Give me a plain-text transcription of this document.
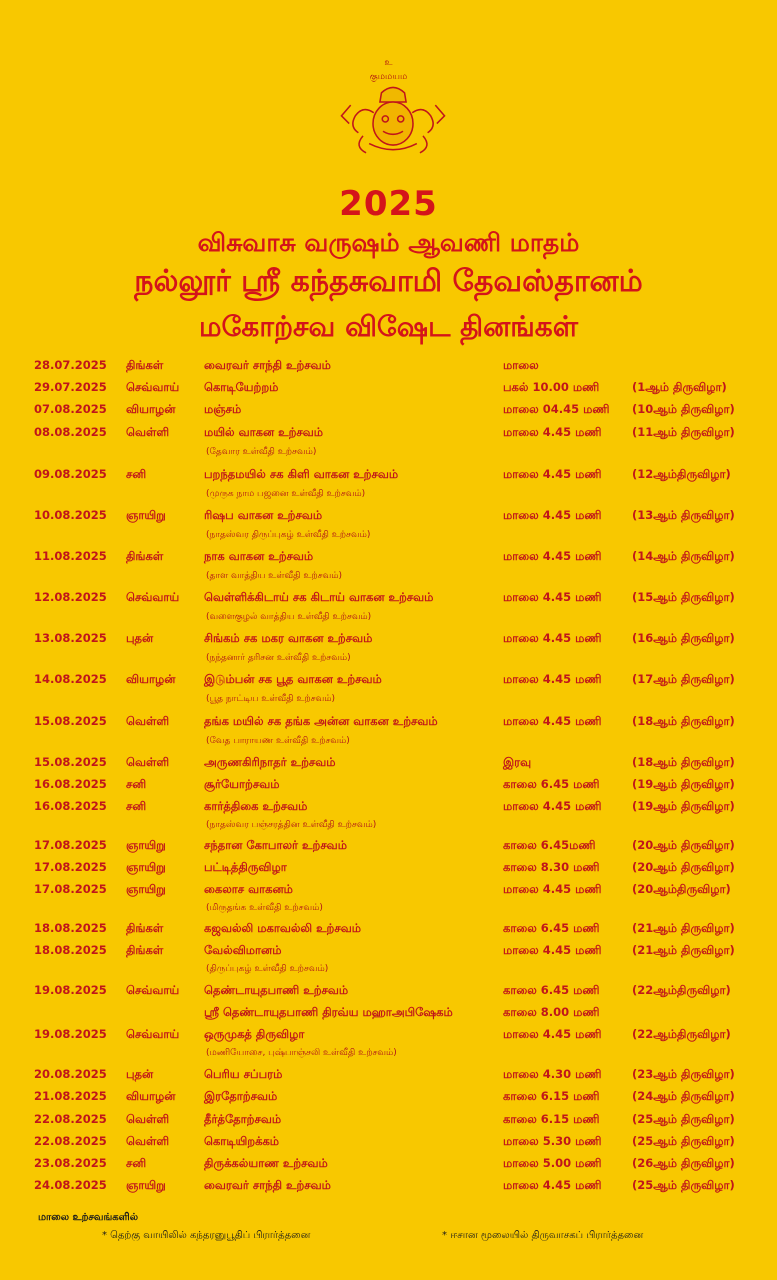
உ
குமமயம
2025
விசுவாசு வருஷம் ஆவணி மாதம்
நல்லூர் ஸ்ரீ கந்தசுவாமி தேவஸ்தானம்
மகோற்சவ விஷேட தினங்கள்
28.07.2025 திங்கள்	வைரவர் சாந்தி உற்சவம்	மாலை
29.07.2025 செவ்வாய் கொடியேற்றம்	பகல் 10.00 மணி	(1ஆம் திருவிழா)
07.08.2025 வியாழன் மஞ்சம்	மாலை 04.45 மணி (10ஆம் திருவிழா)
08.08.2025 வெள்ளி	மயில் வாகன உற்சவம்	மாலை 4.45 மணி	(11ஆம் திருவிழா)
(தேவார உள்வீதி உற்சவம்)
09.08.2025 சனி	பறந்தமயில் சக கிளி வாகன உற்சவம்	மாலை 4.45 மணி	(12ஆம்திருவிழா)
(முருக நாம பஜனை உள்வீதி உற்சவம்)
10.08.2025 ஞாயிறு	ரிஷப வாகன உற்சவம்	மாலை 4.45 மணி	(13ஆம் திருவிழா)
(நாதஸ்வர திருப்புகழ் உள்வீதி உற்சவம்)
11.08.2025 திங்கள்	நாக வாகன உற்சவம்	மாலை 4.45 மணி	(14ஆம் திருவிழா)
(தாள வாத்திய உள்வீதி உற்சவம்)
12.08.2025 செவ்வாய் வெள்ளிக்கிடாய் சக கிடாய் வாகன உற்சவம்	மாலை 4.45 மணி	(15ஆம் திருவிழா)
(வளைகுழல் வாத்திய உள்வீதி உற்சவம்)
13.08.2025 புதன்	சிங்கம் சக மகர வாகன உற்சவம்	மாலை 4.45 மணி	(16ஆம் திருவிழா)
(நந்தனார் தரிசன உள்வீதி உற்சவம்)
14.08.2025 வியாழன் இடும்பன் சக பூத வாகன உற்சவம்	மாலை 4.45 மணி	(17ஆம் திருவிழா)
(பூத நாட்டிய உள்வீதி உற்சவம்)
15.08.2025 வெள்ளி	தங்க மயில் சக தங்க அன்ன வாகன உற்சவம்	மாலை 4.45 மணி	(18ஆம் திருவிழா)
(வேத பாராயண உள்வீதி உற்சவம்)
15.08.2025 வெள்ளி	அருணகிரிநாதர் உற்சவம்	இரவு	(18ஆம் திருவிழா)
16.08.2025 சனி	சூர்யோற்சவம்	காலை 6.45 மணி	(19ஆம் திருவிழா)
16.08.2025 சனி	கார்த்திகை உற்சவம்	மாலை 4.45 மணி	(19ஆம் திருவிழா)
(நாதஸ்வர பஞ்சரத்தின உள்வீதி உற்சவம்)
17.08.2025 ஞாயிறு	சந்தான கோபாலர் உற்சவம்	காலை 6.45மணி	(20ஆம் திருவிழா)
17.08.2025 ஞாயிறு	பட்டித்திருவிழா	காலை 8.30 மணி	(20ஆம் திருவிழா)
17.08.2025 ஞாயிறு	கைலாச வாகனம்	மாலை 4.45 மணி	(20ஆம்திருவிழா)
(மிருதங்க உள்வீதி உற்சவம்)
18.08.2025 திங்கள்	கஜவல்லி மகாவல்லி உற்சவம்	காலை 6.45 மணி	(21ஆம் திருவிழா)
18.08.2025 திங்கள்	வேல்விமானம்	மாலை 4.45 மணி	(21ஆம் திருவிழா)
(திருப்புகழ் உள்வீதி உற்சவம்)
19.08.2025 செவ்வாய் தெண்டாயுதபாணி உற்சவம்	காலை 6.45 மணி	(22ஆம்திருவிழா)
ஸ்ரீ தெண்டாயுதபாணி திரவ்ய மஹாஅபிஷேகம்	காலை 8.00 மணி
19.08.2025 செவ்வாய் ஒருமுகத் திருவிழா	மாலை 4.45 மணி	(22ஆம்திருவிழா)
(மணியோசை, புஷ்பாஞ்சலி உள்வீதி உற்சவம்)
20.08.2025 புதன்	பெரிய சப்பரம்	மாலை 4.30 மணி	(23ஆம் திருவிழா)
21.08.2025 வியாழன் இரதோற்சவம்	காலை 6.15 மணி	(24ஆம் திருவிழா)
22.08.2025 வெள்ளி	தீர்த்தோற்சவம்	காலை 6.15 மணி	(25ஆம் திருவிழா)
22.08.2025 வெள்ளி	கொடியிறக்கம்	மாலை 5.30 மணி	(25ஆம் திருவிழா)
23.08.2025 சனி	திருக்கல்யாண உற்சவம்	மாலை 5.00 மணி	(26ஆம் திருவிழா)
24.08.2025 ஞாயிறு	வைரவர் சாந்தி உற்சவம்	மாலை 4.45 மணி	(25ஆம் திருவிழா)
மாலை உற்சவங்களில்
* தெற்கு வாயிலில் கந்தரனுபூதிப் பிரார்த்தனை	* ஈசான மூலையில் திருவாசகப் பிரார்த்தனை
